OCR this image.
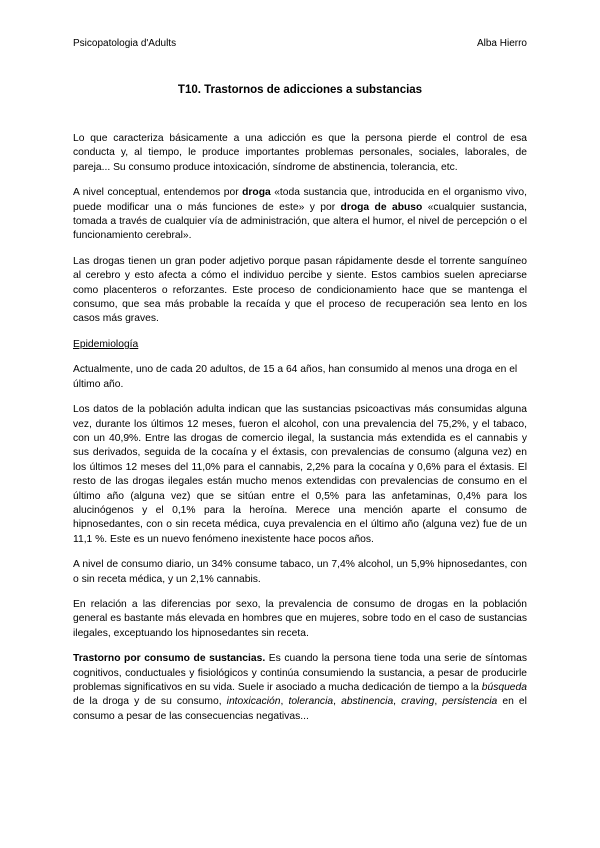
Psicopatologia d'Adults	Alba Hierro
T10. Trastornos de adicciones a substancias

Lo que caracteriza básicamente a una adicción es que la persona pierde el control de esa conducta y, al tiempo, le produce importantes problemas personales, sociales, laborales, de pareja... Su consumo produce intoxicación, síndrome de abstinencia, tolerancia, etc.

A nivel conceptual, entendemos por droga «toda sustancia que, introducida en el organismo vivo, puede modificar una o más funciones de este» y por droga de abuso «cualquier sustancia, tomada a través de cualquier vía de administración, que altera el humor, el nivel de percepción o el funcionamiento cerebral».

Las drogas tienen un gran poder adjetivo porque pasan rápidamente desde el torrente sanguíneo al cerebro y esto afecta a cómo el individuo percibe y siente. Estos cambios suelen apreciarse como placenteros o reforzantes. Este proceso de condicionamiento hace que se mantenga el consumo, que sea más probable la recaída y que el proceso de recuperación sea lento en los casos más graves.

Epidemiología

Actualmente, uno de cada 20 adultos, de 15 a 64 años, han consumido al menos una droga en el último año.

Los datos de la población adulta indican que las sustancias psicoactivas más consumidas alguna vez, durante los últimos 12 meses, fueron el alcohol, con una prevalencia del 75,2%, y el tabaco, con un 40,9%. Entre las drogas de comercio ilegal, la sustancia más extendida es el cannabis y sus derivados, seguida de la cocaína y el éxtasis, con prevalencias de consumo (alguna vez) en los últimos 12 meses del 11,0% para el cannabis, 2,2% para la cocaína y 0,6% para el éxtasis. El resto de las drogas ilegales están mucho menos extendidas con prevalencias de consumo en el último año (alguna vez) que se sitúan entre el 0,5% para las anfetaminas, 0,4% para los alucinógenos y el 0,1% para la heroína. Merece una mención aparte el consumo de hipnosedantes, con o sin receta médica, cuya prevalencia en el último año (alguna vez) fue de un 11,1 %. Este es un nuevo fenómeno inexistente hace pocos años.

A nivel de consumo diario, un 34% consume tabaco, un 7,4% alcohol, un 5,9% hipnosedantes, con o sin receta médica, y un 2,1% cannabis.

En relación a las diferencias por sexo, la prevalencia de consumo de drogas en la población general es bastante más elevada en hombres que en mujeres, sobre todo en el caso de sustancias ilegales, exceptuando los hipnosedantes sin receta.

Trastorno por consumo de sustancias. Es cuando la persona tiene toda una serie de síntomas cognitivos, conductuales y fisiológicos y continúa consumiendo la sustancia, a pesar de producirle problemas significativos en su vida. Suele ir asociado a mucha dedicación de tiempo a la búsqueda de la droga y de su consumo, intoxicación, tolerancia, abstinencia, craving, persistencia en el consumo a pesar de las consecuencias negativas...
